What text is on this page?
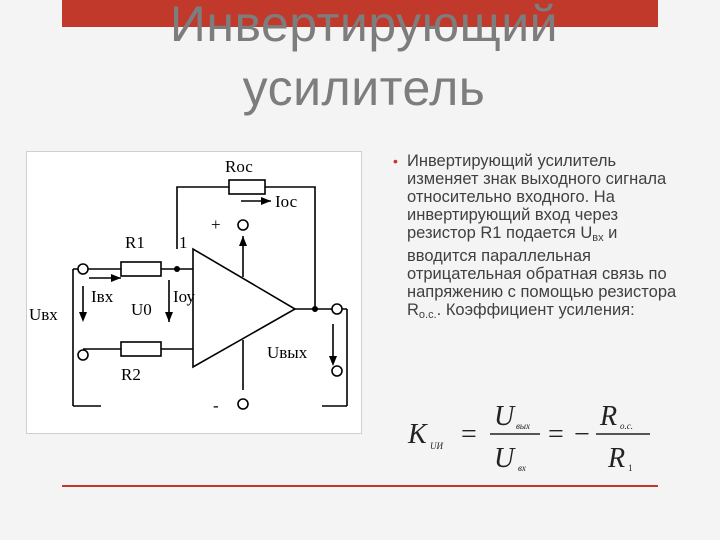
Инвертирующий
усилитель
Rос
Iос
+
-
R1 1
Iвх
Uвх	U0
Iоу
R2
Uвых
• Инвертирующий усилитель изменяет знак выходного сигнала относительно входного. На инвертирующий вход через резистор R1 подается $U_{вх}$ и вводится параллельная отрицательная обратная связь по напряжению с помощью резистора $R_{о.с.}$. Коэффициент усиления:
K UИ =
U вых
U вх
= −
R о.с.
R 1
